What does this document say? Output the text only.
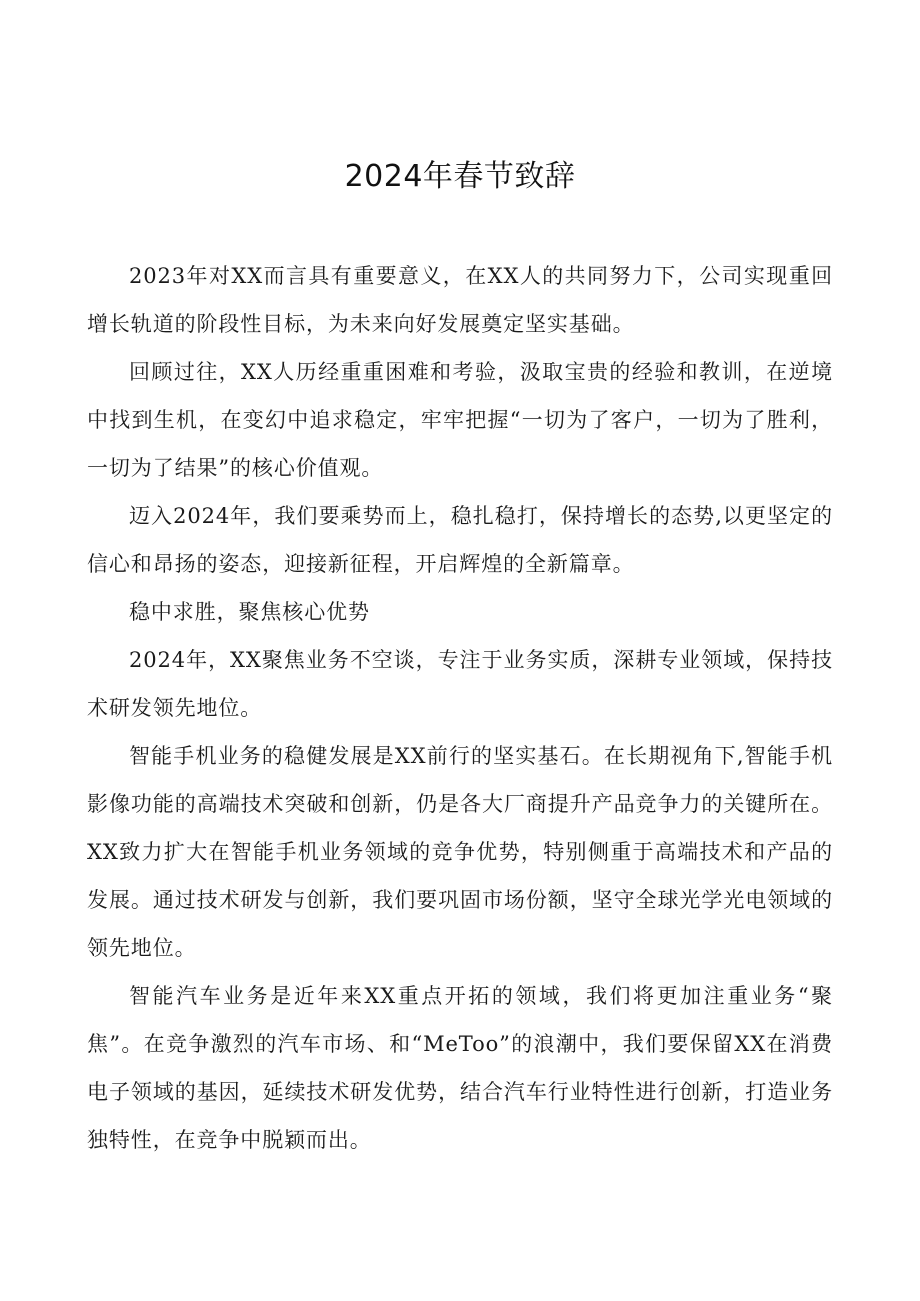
2024年春节致辞

2023年对XX而言具有重要意义，在XX人的共同努力下，公司实现重回增长轨道的阶段性目标，为未来向好发展奠定坚实基础。

回顾过往，XX人历经重重困难和考验，汲取宝贵的经验和教训，在逆境中找到生机，在变幻中追求稳定，牢牢把握“一切为了客户，一切为了胜利，一切为了结果”的核心价值观。

迈入2024年，我们要乘势而上，稳扎稳打，保持增长的态势,以更坚定的信心和昂扬的姿态，迎接新征程，开启辉煌的全新篇章。

稳中求胜，聚焦核心优势

2024年，XX聚焦业务不空谈，专注于业务实质，深耕专业领域，保持技术研发领先地位。

智能手机业务的稳健发展是XX前行的坚实基石。在长期视角下,智能手机影像功能的高端技术突破和创新，仍是各大厂商提升产品竞争力的关键所在。XX致力扩大在智能手机业务领域的竞争优势，特别侧重于高端技术和产品的发展。通过技术研发与创新，我们要巩固市场份额，坚守全球光学光电领域的领先地位。

智能汽车业务是近年来XX重点开拓的领域，我们将更加注重业务“聚焦”。在竞争激烈的汽车市场、和“MeToo”的浪潮中，我们要保留XX在消费电子领域的基因，延续技术研发优势，结合汽车行业特性进行创新，打造业务独特性，在竞争中脱颖而出。
